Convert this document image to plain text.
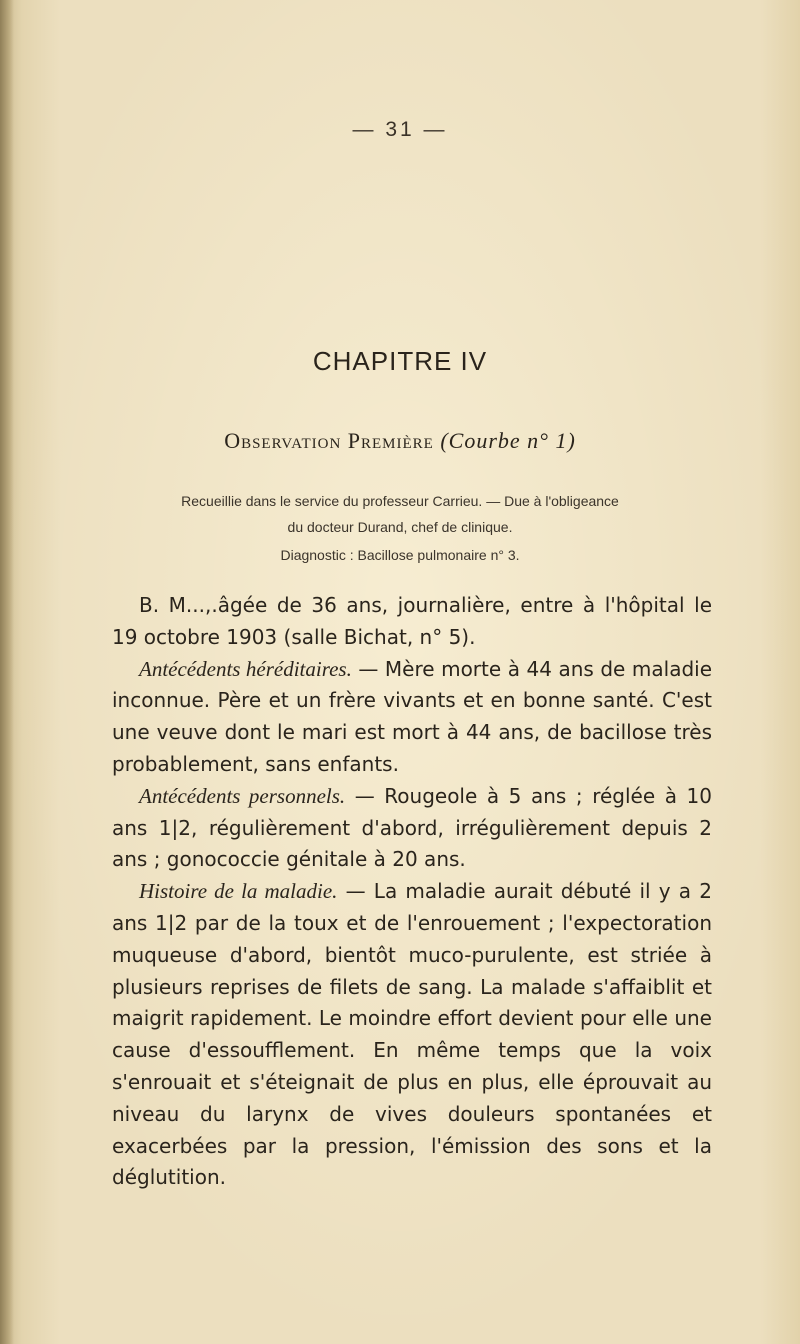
— 31 —
CHAPITRE IV
Observation Première (Courbe n° 1)
Recueillie dans le service du professeur Carrieu. — Due à l'obligeance
du docteur Durand, chef de clinique.
Diagnostic : Bacillose pulmonaire n° 3.

B. M...,.âgée de 36 ans, journalière, entre à l'hôpital le 19 octobre 1903 (salle Bichat, n° 5).

Antécédents héréditaires. — Mère morte à 44 ans de maladie inconnue. Père et un frère vivants et en bonne santé. C'est une veuve dont le mari est mort à 44 ans, de bacillose très probablement, sans enfants.

Antécédents personnels. — Rougeole à 5 ans ; réglée à 10 ans 1|2, régulièrement d'abord, irrégulièrement depuis 2 ans ; gonococcie génitale à 20 ans.

Histoire de la maladie. — La maladie aurait débuté il y a 2 ans 1|2 par de la toux et de l'enrouement ; l'expectoration muqueuse d'abord, bientôt muco-purulente, est striée à plusieurs reprises de filets de sang. La malade s'affaiblit et maigrit rapidement. Le moindre effort devient pour elle une cause d'essoufflement. En même temps que la voix s'enrouait et s'éteignait de plus en plus, elle éprouvait au niveau du larynx de vives douleurs spontanées et exacerbées par la pression, l'émission des sons et la déglutition.
